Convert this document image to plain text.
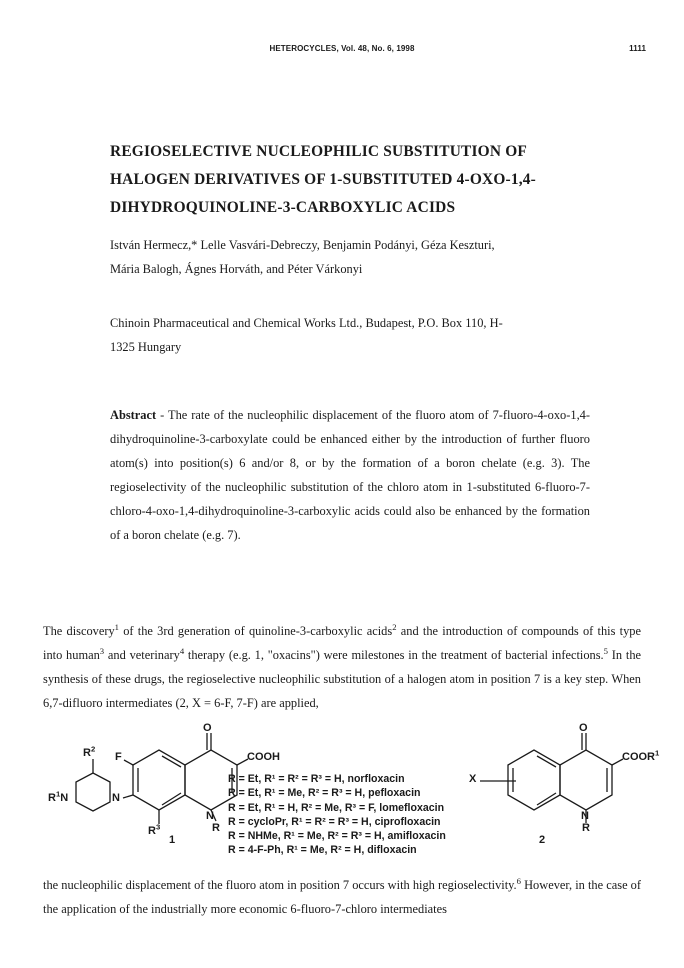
HETEROCYCLES, Vol. 48, No. 6, 1998	1111
REGIOSELECTIVE NUCLEOPHILIC SUBSTITUTION OF
HALOGEN DERIVATIVES OF 1-SUBSTITUTED 4-OXO-1,4-
DIHYDROQUINOLINE-3-CARBOXYLIC ACIDS
István Hermecz,* Lelle Vasvári-Debreczy, Benjamin Podányi, Géza Keszturi,
Mária Balogh, Ágnes Horváth, and Péter Várkonyi
Chinoin Pharmaceutical and Chemical Works Ltd., Budapest, P.O. Box 110, H-
1325 Hungary
Abstract - The rate of the nucleophilic displacement of the fluoro atom of 7-fluoro-4-oxo-1,4-dihydroquinoline-3-carboxylate could be enhanced either by the introduction of further fluoro atom(s) into position(s) 6 and/or 8, or by the formation of a boron chelate (e.g. 3). The regioselectivity of the nucleophilic substitution of the chloro atom in 1-substituted 6-fluoro-7-chloro-4-oxo-1,4-dihydroquinoline-3-carboxylic acids could also be enhanced by the formation of a boron chelate (e.g. 7).
The discovery$^1$ of the 3rd generation of quinoline-3-carboxylic acids$^2$ and the introduction of compounds of this type into human$^3$ and veterinary$^4$ therapy (e.g. 1, "oxacins") were milestones in the treatment of bacterial infections.$^5$ In the synthesis of these drugs, the regioselective nucleophilic substitution of a halogen atom in position 7 is a key step. When 6,7-difluoro intermediates (2, X = 6-F, 7-F) are applied,
O
COOH
F
N
N
$R^1N$
$R^2$
$R^3$	R
1
R = Et, R¹ = R² = R³ = H, norfloxacin
R = Et, R¹ = Me, R² = R³ = H, pefloxacin
R = Et, R¹ = H, R² = Me, R³ = F, lomefloxacin
R = cycloPr, R¹ = R² = R³ = H, ciprofloxacin
R = NHMe, R¹ = Me, R² = R³ = H, amifloxacin
R = 4-F-Ph, R¹ = Me, R² = H, difloxacin
O
X
COOR$^1$
N
R
2
the nucleophilic displacement of the fluoro atom in position 7 occurs with high regioselectivity.$^6$ However, in the case of the application of the industrially more economic 6-fluoro-7-chloro intermediates
